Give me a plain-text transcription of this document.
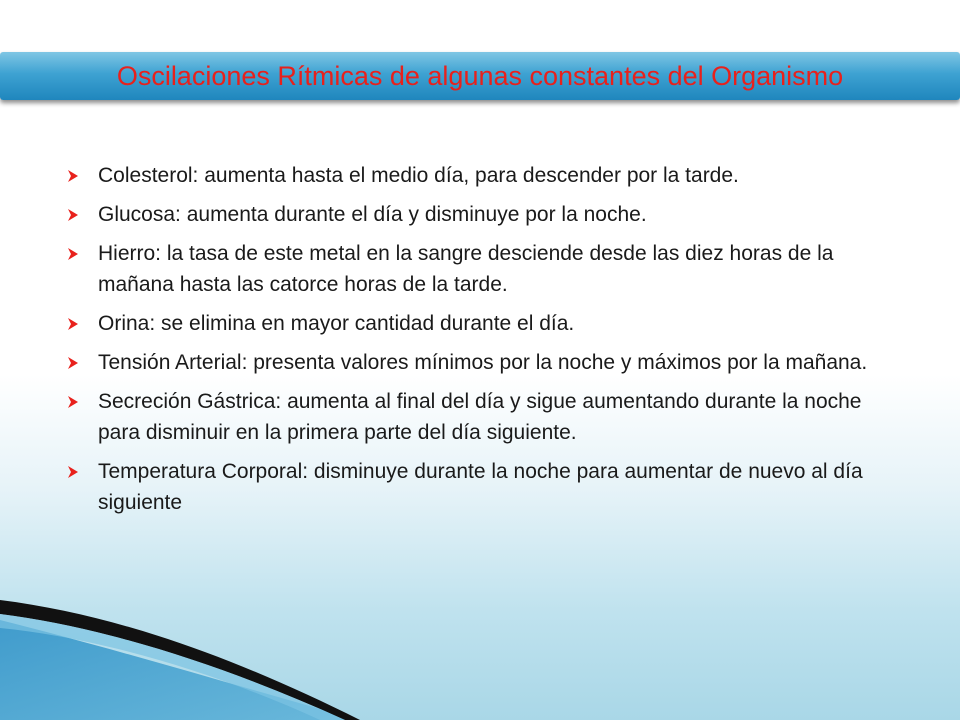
Oscilaciones Rítmicas de algunas constantes del Organismo
Colesterol: aumenta hasta el medio día, para descender por la tarde.
Glucosa: aumenta durante el día y disminuye por la noche.
Hierro: la tasa de este metal en la sangre desciende desde las diez horas de la mañana hasta las catorce horas de la tarde.
Orina: se elimina en mayor cantidad durante el día.
Tensión Arterial: presenta valores mínimos por la noche y máximos por la mañana.
Secreción Gástrica: aumenta al final del día y sigue aumentando durante la noche para disminuir en la primera parte del día siguiente.
Temperatura Corporal: disminuye durante la noche para aumentar de nuevo al día siguiente
